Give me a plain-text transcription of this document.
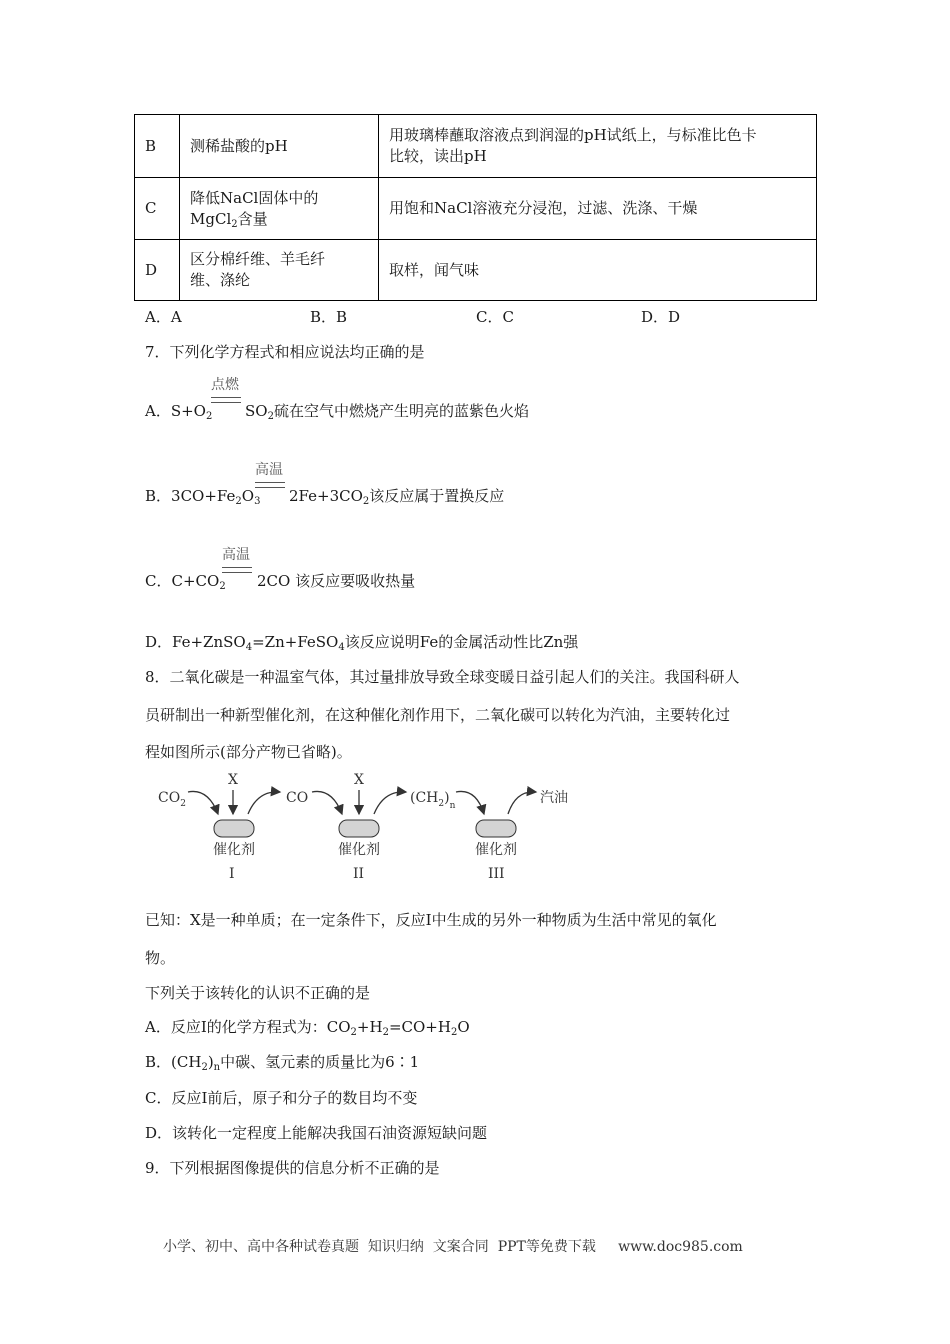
B	测稀盐酸的pH	用玻璃棒蘸取溶液点到润湿的pH试纸上，与标准比色卡
比较，读出pH

C	降低NaCl固体中的
MgCl$_2$含量	用饱和NaCl溶液充分浸泡，过滤、洗涤、干燥
D	区分棉纤维、羊毛纤
维、涤纶	取样，闻气味
A．A	B．B	C．C	D．D
7．下列化学方程式和相应说法均正确的是
点燃
A．$S+O_2$ $SO_2$硫在空气中燃烧产生明亮的蓝紫色火焰
高温
B．$3CO+Fe_2O_3$ $2Fe+3CO_2$该反应属于置换反应
高温
C．$C+CO_2$ 2CO 该反应要吸收热量
D．Fe+ZnSO$_4$=Zn+FeSO$_4$该反应说明Fe的金属活动性比Zn强
8．二氧化碳是一种温室气体，其过量排放导致全球变暖日益引起人们的关注。我国科研人
员研制出一种新型催化剂，在这种催化剂作用下，二氧化碳可以转化为汽油，主要转化过
程如图所示(部分产物已省略)。
$CO_2$
X
催化剂
I
CO
X
催化剂
II
$(CH_2)_n$
催化剂
III
汽油
已知：X是一种单质；在一定条件下，反应Ⅰ中生成的另外一种物质为生活中常见的氧化
物。
下列关于该转化的认识不正确的是
A．反应Ⅰ的化学方程式为：$CO_2+H_2=CO+H_2O$
B．$(CH_2)_n$中碳、氢元素的质量比为6∶1
C．反应Ⅰ前后，原子和分子的数目均不变
D．该转化一定程度上能解决我国石油资源短缺问题
9．下列根据图像提供的信息分析不正确的是
小学、初中、高中各种试卷真题  知识归纳  文案合同  PPT等免费下载     www.doc985.com
